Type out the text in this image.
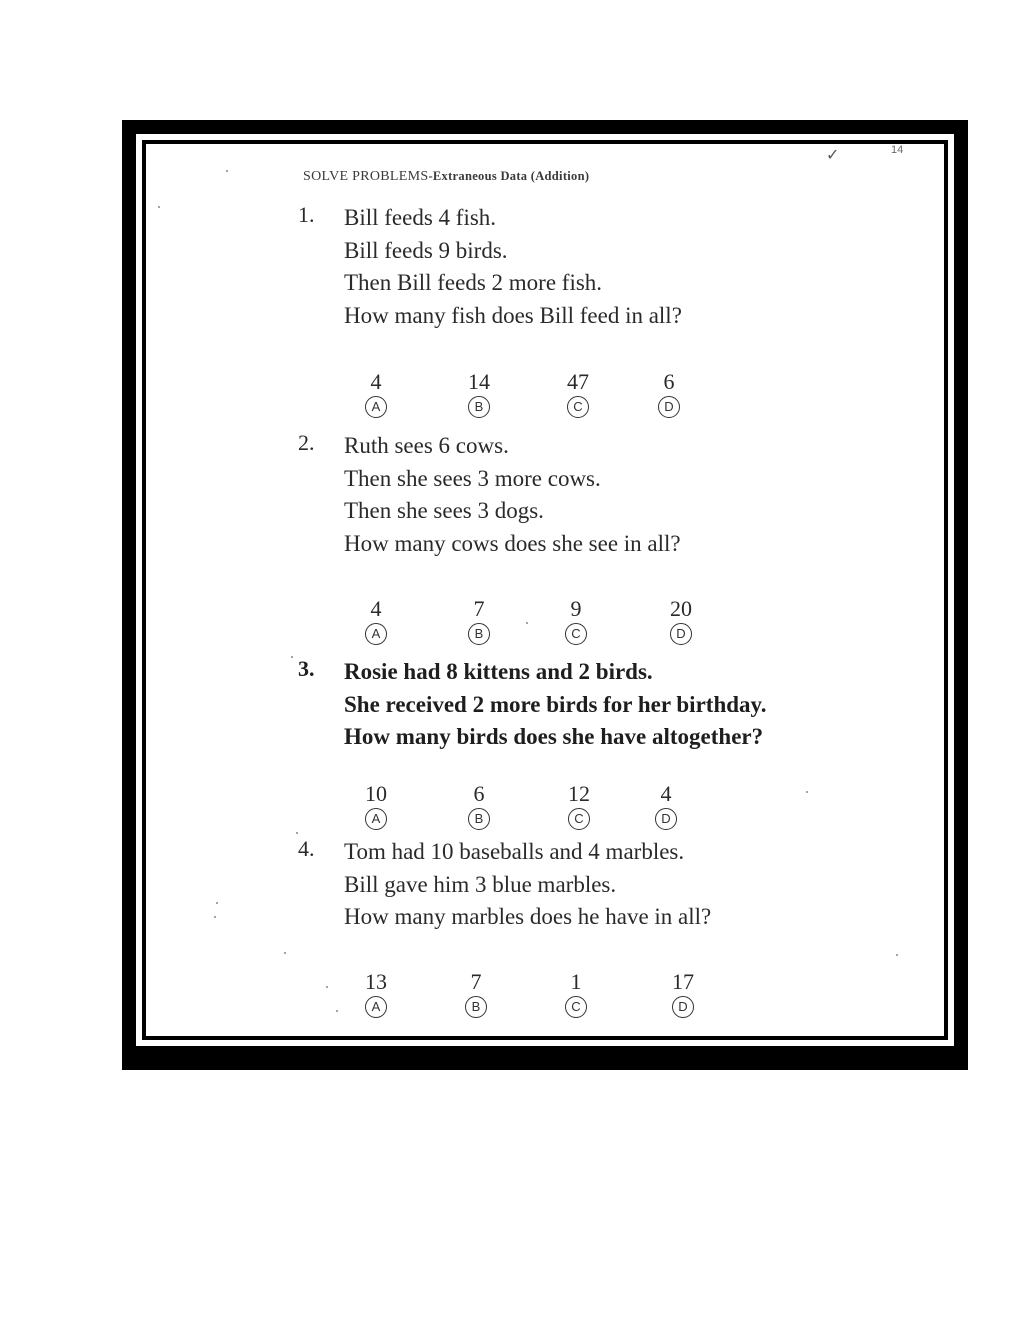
✓	14
SOLVE PROBLEMS-Extraneous Data (Addition)
1. Bill feeds 4 fish.
Bill feeds 9 birds.
Then Bill feeds 2 more fish.
How many fish does Bill feed in all?
4
A
14
B
47
C
6
D
2. Ruth sees 6 cows.
Then she sees 3 more cows.
Then she sees 3 dogs.
How many cows does she see in all?
4
A
7
B
9
C
20
D
3. Rosie had 8 kittens and 2 birds.
She received 2 more birds for her birthday.
How many birds does she have altogether?
10
A
6
B
12
C
4
D
4. Tom had 10 baseballs and 4 marbles.
Bill gave him 3 blue marbles.
How many marbles does he have in all?
13
A
7
B
1
C
17
D
